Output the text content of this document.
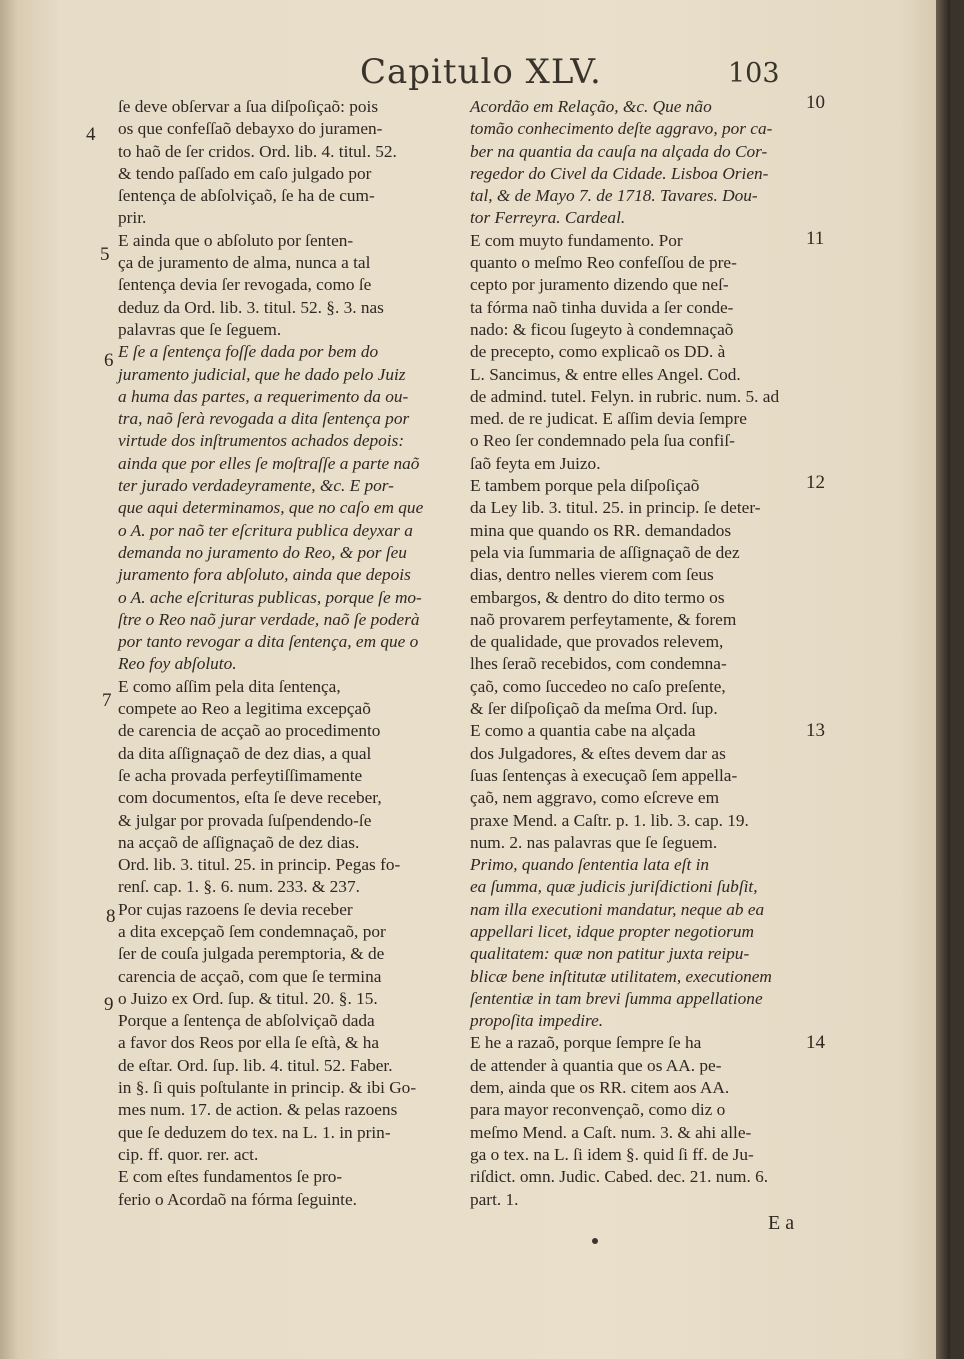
Capitulo XLV.	103
ſe deve obſervar a ſua diſpoſiçaõ: pois
os que confeſſaõ debayxo do juramen-
to haõ de ſer cridos. Ord. lib. 4. titul. 52.
& tendo paſſado em caſo julgado por
ſentença de abſolviçaõ, ſe ha de cum-
prir.
E ainda que o abſoluto por ſenten-
ça de juramento de alma, nunca a tal
ſentença devia ſer revogada, como ſe
deduz da Ord. lib. 3. titul. 52. §. 3. nas
palavras que ſe ſeguem.
E ſe a ſentença foſſe dada por bem do
juramento judicial, que he dado pelo Juiz
a huma das partes, a requerimento da ou-
tra, naõ ſerà revogada a dita ſentença por
virtude dos inſtrumentos achados depois:
ainda que por elles ſe moſtraſſe a parte naõ
ter jurado verdadeyramente, &c. E por-
que aqui determinamos, que no caſo em que
o A. por naõ ter eſcritura publica deyxar a
demanda no juramento do Reo, & por ſeu
juramento fora abſoluto, ainda que depois
o A. ache eſcrituras publicas, porque ſe mo-
ſtre o Reo naõ jurar verdade, naõ ſe poderà
por tanto revogar a dita ſentença, em que o
Reo foy abſoluto.
E como aſſim pela dita ſentença,
compete ao Reo a legitima excepçaõ
de carencia de acçaõ ao procedimento
da dita aſſignaçaõ de dez dias, a qual
ſe acha provada perfeytiſſimamente
com documentos, eſta ſe deve receber,
& julgar por provada ſuſpendendo-ſe
na acçaõ de aſſignaçaõ de dez dias.
Ord. lib. 3. titul. 25. in princip. Pegas fo-
renſ. cap. 1. §. 6. num. 233. & 237.
Por cujas razoens ſe devia receber
a dita excepçaõ ſem condemnaçaõ, por
ſer de couſa julgada peremptoria, & de
carencia de acçaõ, com que ſe termina
o Juizo ex Ord. ſup. & titul. 20. §. 15.
Porque a ſentença de abſolviçaõ dada
a favor dos Reos por ella ſe eſtà, & ha
de eſtar. Ord. ſup. lib. 4. titul. 52. Faber.
in §. ſi quis poſtulante in princip. & ibi Go-
mes num. 17. de action. & pelas razoens
que ſe deduzem do tex. na L. 1. in prin-
cip. ff. quor. rer. act.
E com eſtes fundamentos ſe pro-
ferio o Acordaõ na fórma ſeguinte.
Acordão em Relação, &c. Que não
tomão conhecimento deſte aggravo, por ca-
ber na quantia da cauſa na alçada do Cor-
regedor do Civel da Cidade. Lisboa Orien-
tal, & de Mayo 7. de 1718. Tavares. Dou-
tor Ferreyra. Cardeal.
E com muyto fundamento. Por
quanto o meſmo Reo confeſſou de pre-
cepto por juramento dizendo que neſ-
ta fórma naõ tinha duvida a ſer conde-
nado: & ficou ſugeyto à condemnaçaõ
de precepto, como explicaõ os DD. à
L. Sancimus, & entre elles Angel. Cod.
de admind. tutel. Felyn. in rubric. num. 5. ad
med. de re judicat. E aſſim devia ſempre
o Reo ſer condemnado pela ſua confiſ-
ſaõ feyta em Juizo.
E tambem porque pela diſpoſiçaõ
da Ley lib. 3. titul. 25. in princip. ſe deter-
mina que quando os RR. demandados
pela via ſummaria de aſſignaçaõ de dez
dias, dentro nelles vierem com ſeus
embargos, & dentro do dito termo os
naõ provarem perfeytamente, & forem
de qualidade, que provados relevem,
lhes ſeraõ recebidos, com condemna-
çaõ, como ſuccedeo no caſo preſente,
& ſer diſpoſiçaõ da meſma Ord. ſup.
E como a quantia cabe na alçada
dos Julgadores, & eſtes devem dar as
ſuas ſentenças à execuçaõ ſem appella-
çaõ, nem aggravo, como eſcreve em
praxe Mend. a Caſtr. p. 1. lib. 3. cap. 19.
num. 2. nas palavras que ſe ſeguem.
Primo, quando ſententia lata eſt in
ea ſumma, quæ judicis juriſdictioni ſubſit,
nam illa executioni mandatur, neque ab ea
appellari licet, idque propter negotiorum
qualitatem: quæ non patitur juxta reipu-
blicæ bene inſtitutæ utilitatem, executionem
ſententiæ in tam brevi ſumma appellatione
propoſita impedire.
E he a razaõ, porque ſempre ſe ha
de attender à quantia que os AA. pe-
dem, ainda que os RR. citem aos AA.
para mayor reconvençaõ, como diz o
meſmo Mend. a Caſt. num. 3. & ahi alle-
ga o tex. na L. ſi idem §. quid ſi ff. de Ju-
riſdict. omn. Judic. Cabed. dec. 21. num. 6.
part. 1.
4
5
6
7
8
9
10
11
12
13
14
E a
